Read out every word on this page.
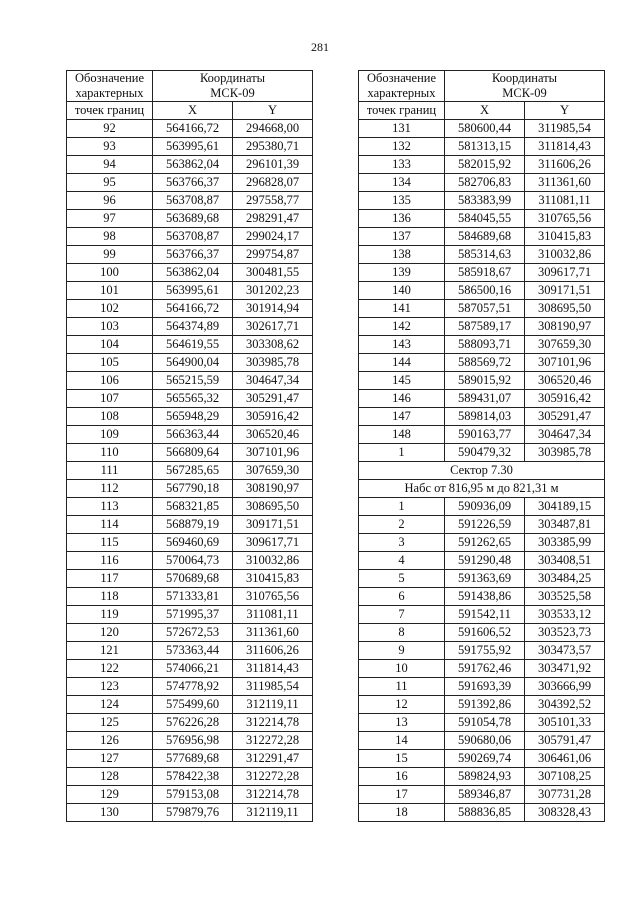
281
Обозначение
характерных	Координаты
МСК-09	

точек границ	X	Y
92	564166,72	294668,00
93	563995,61	295380,71
94	563862,04	296101,39
95	563766,37	296828,07
96	563708,87	297558,77
97	563689,68	298291,47
98	563708,87	299024,17
99	563766,37	299754,87
100	563862,04	300481,55
101	563995,61	301202,23
102	564166,72	301914,94
103	564374,89	302617,71
104	564619,55	303308,62
105	564900,04	303985,78
106	565215,59	304647,34
107	565565,32	305291,47
108	565948,29	305916,42
109	566363,44	306520,46
110	566809,64	307101,96
111	567285,65	307659,30
112	567790,18	308190,97
113	568321,85	308695,50
114	568879,19	309171,51
115	569460,69	309617,71
116	570064,73	310032,86
117	570689,68	310415,83
118	571333,81	310765,56
119	571995,37	311081,11
120	572672,53	311361,60
121	573363,44	311606,26
122	574066,21	311814,43
123	574778,92	311985,54
124	575499,60	312119,11
125	576226,28	312214,78
126	576956,98	312272,28
127	577689,68	312291,47
128	578422,38	312272,28
129	579153,08	312214,78
130	579879,76	312119,11
Обозначение
характерных	Координаты
МСК-09	

точек границ	X	Y
131	580600,44	311985,54
132	581313,15	311814,43
133	582015,92	311606,26
134	582706,83	311361,60
135	583383,99	311081,11
136	584045,55	310765,56
137	584689,68	310415,83
138	585314,63	310032,86
139	585918,67	309617,71
140	586500,16	309171,51
141	587057,51	308695,50
142	587589,17	308190,97
143	588093,71	307659,30
144	588569,72	307101,96
145	589015,92	306520,46
146	589431,07	305916,42
147	589814,03	305291,47
148	590163,77	304647,34
1	590479,32	303985,78
Сектор 7.30		
Набс от 816,95 м до 821,31 м		
1	590936,09	304189,15
2	591226,59	303487,81
3	591262,65	303385,99
4	591290,48	303408,51
5	591363,69	303484,25
6	591438,86	303525,58
7	591542,11	303533,12
8	591606,52	303523,73
9	591755,92	303473,57
10	591762,46	303471,92
11	591693,39	303666,99
12	591392,86	304392,52
13	591054,78	305101,33
14	590680,06	305791,47
15	590269,74	306461,06
16	589824,93	307108,25
17	589346,87	307731,28
18	588836,85	308328,43
